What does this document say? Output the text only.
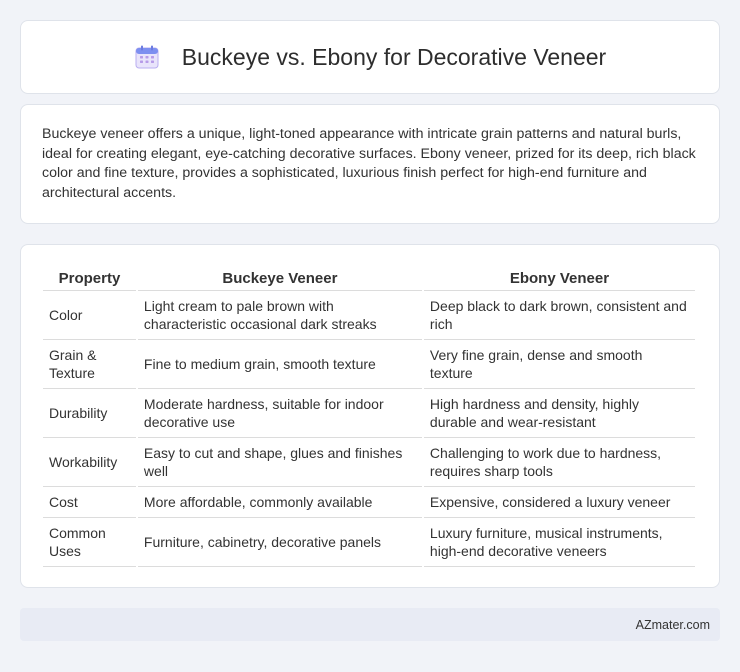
Buckeye vs. Ebony for Decorative Veneer

Buckeye veneer offers a unique, light-toned appearance with intricate grain patterns and natural burls, ideal for creating elegant, eye-catching decorative surfaces. Ebony veneer, prized for its deep, rich black color and fine texture, provides a sophisticated, luxurious finish perfect for high-end furniture and architectural accents.

Property	Buckeye Veneer	Ebony Veneer
Color	Light cream to pale brown with characteristic occasional dark streaks	Deep black to dark brown, consistent and rich
Grain & Texture	Fine to medium grain, smooth texture	Very fine grain, dense and smooth texture
Durability	Moderate hardness, suitable for indoor decorative use	High hardness and density, highly durable and wear-resistant
Workability	Easy to cut and shape, glues and finishes well	Challenging to work due to hardness, requires sharp tools
Cost	More affordable, commonly available	Expensive, considered a luxury veneer
Common Uses	Furniture, cabinetry, decorative panels	Luxury furniture, musical instruments, high-end decorative veneers
AZmater.com
